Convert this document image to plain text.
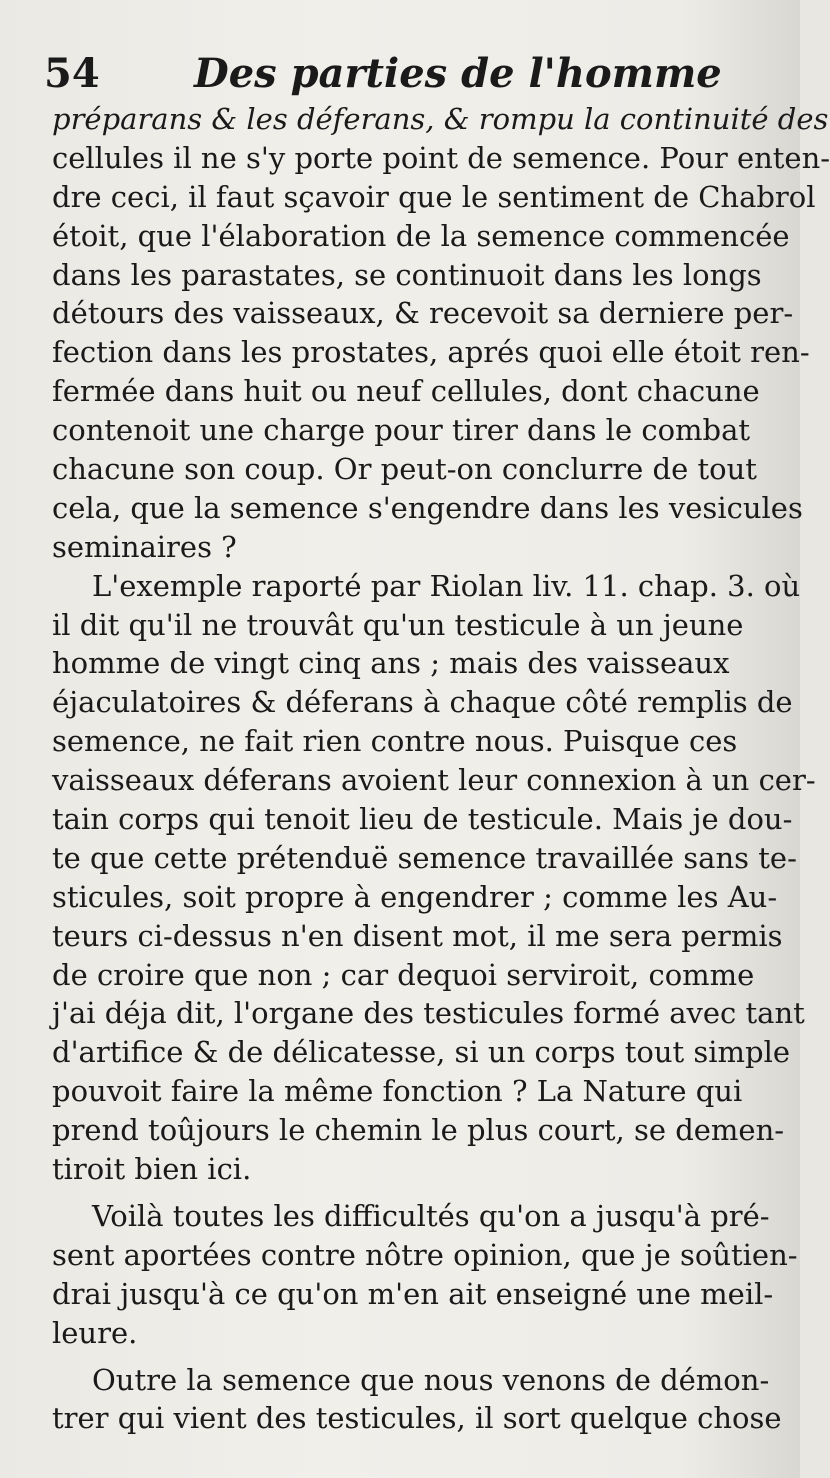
54 Des parties de l'homme
préparans & les déferans, & rompu la continuité des
cellules il ne s'y porte point de semence. Pour enten-
dre ceci, il faut sçavoir que le sentiment de Chabrol
étoit, que l'élaboration de la semence commencée
dans les parastates, se continuoit dans les longs
détours des vaisseaux, & recevoit sa derniere per-
fection dans les prostates, aprés quoi elle étoit ren-
fermée dans huit ou neuf cellules, dont chacune
contenoit une charge pour tirer dans le combat
chacune son coup. Or peut-on conclurre de tout
cela, que la semence s'engendre dans les vesicules
seminaires ?
L'exemple raporté par Riolan liv. 11. chap. 3. où
il dit qu'il ne trouvât qu'un testicule à un jeune
homme de vingt cinq ans ; mais des vaisseaux
éjaculatoires & déferans à chaque côté remplis de
semence, ne fait rien contre nous. Puisque ces
vaisseaux déferans avoient leur connexion à un cer-
tain corps qui tenoit lieu de testicule. Mais je dou-
te que cette prétenduë semence travaillée sans te-
sticules, soit propre à engendrer ; comme les Au-
teurs ci-dessus n'en disent mot, il me sera permis
de croire que non ; car dequoi serviroit, comme
j'ai déja dit, l'organe des testicules formé avec tant
d'artifice & de délicatesse, si un corps tout simple
pouvoit faire la même fonction ? La Nature qui
prend toûjours le chemin le plus court, se demen-
tiroit bien ici.
Voilà toutes les difficultés qu'on a jusqu'à pré-
sent aportées contre nôtre opinion, que je soûtien-
drai jusqu'à ce qu'on m'en ait enseigné une meil-
leure.
Outre la semence que nous venons de démon-
trer qui vient des testicules, il sort quelque chose
